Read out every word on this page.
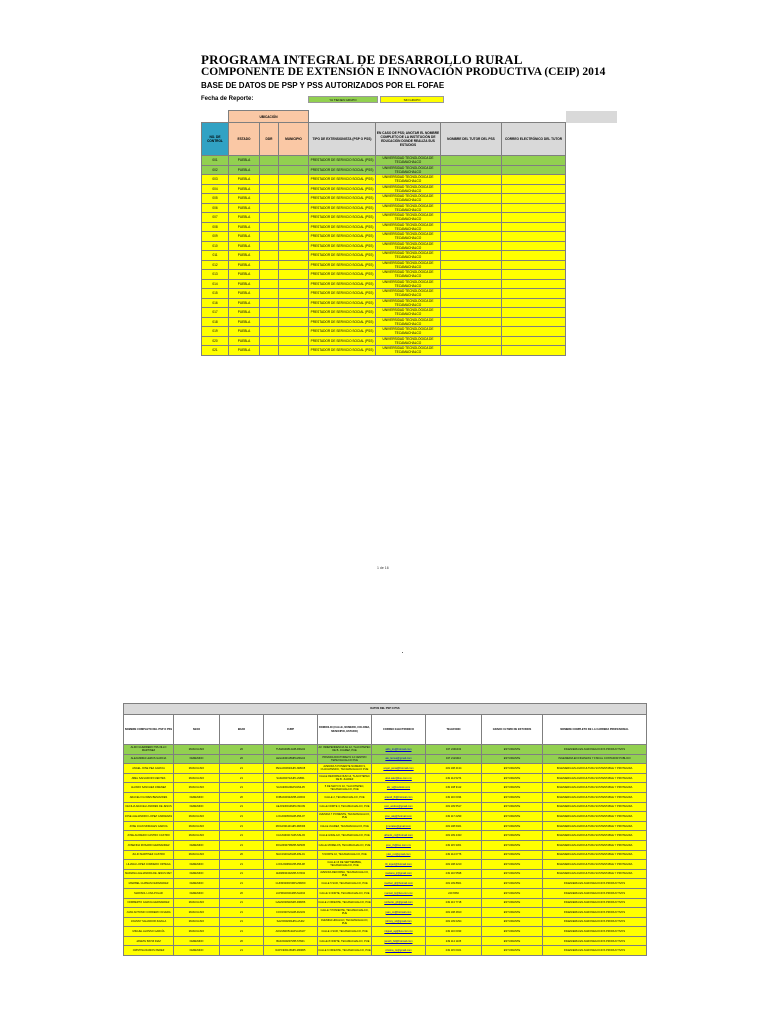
PROGRAMA INTEGRAL DE DESARROLLO RURAL
COMPONENTE DE EXTENSIÓN E INNOVACIÓN PRODUCTIVA (CEIP) 2014
BASE DE DATOS DE PSP Y PSS AUTORIZADOS POR EL FOFAE
Fecha de Reporte:	YA TIENEN GRUPO	SIN GRUPO
	UBICACIÓN							
NO. DE CONTROL	ESTADO	DDR	MUNICIPIO	TIPO DE EXTENSIONISTA (PSP O PSS)	EN CASO DE PSS; ANOTAR EL NOMBRE COMPLETO DE LA INSTITUCIÓN DE EDUCACIÓN DONDE REALIZA SUS ESTUDIOS	NOMBRE DEL TUTOR DEL PSS	CORREO ELECTRÓNICO DEL TUTOR	
001	PUEBLA			PRESTADOR DE SERVICIO SOCIAL (PSS)	UNIVERSIDAD TECNOLÓGICA DE TECAMACHALCO			
002	PUEBLA			PRESTADOR DE SERVICIO SOCIAL (PSS)	UNIVERSIDAD TECNOLÓGICA DE TECAMACHALCO			
003	PUEBLA			PRESTADOR DE SERVICIO SOCIAL (PSS)	UNIVERSIDAD TECNOLÓGICA DE TECAMACHALCO			
004	PUEBLA			PRESTADOR DE SERVICIO SOCIAL (PSS)	UNIVERSIDAD TECNOLÓGICA DE TECAMACHALCO			
005	PUEBLA			PRESTADOR DE SERVICIO SOCIAL (PSS)	UNIVERSIDAD TECNOLÓGICA DE TECAMACHALCO			
006	PUEBLA			PRESTADOR DE SERVICIO SOCIAL (PSS)	UNIVERSIDAD TECNOLÓGICA DE TECAMACHALCO			
007	PUEBLA			PRESTADOR DE SERVICIO SOCIAL (PSS)	UNIVERSIDAD TECNOLÓGICA DE TECAMACHALCO			
008	PUEBLA			PRESTADOR DE SERVICIO SOCIAL (PSS)	UNIVERSIDAD TECNOLÓGICA DE TECAMACHALCO			
009	PUEBLA			PRESTADOR DE SERVICIO SOCIAL (PSS)	UNIVERSIDAD TECNOLÓGICA DE TECAMACHALCO			
010	PUEBLA			PRESTADOR DE SERVICIO SOCIAL (PSS)	UNIVERSIDAD TECNOLÓGICA DE TECAMACHALCO			
011	PUEBLA			PRESTADOR DE SERVICIO SOCIAL (PSS)	UNIVERSIDAD TECNOLÓGICA DE TECAMACHALCO			
012	PUEBLA			PRESTADOR DE SERVICIO SOCIAL (PSS)	UNIVERSIDAD TECNOLÓGICA DE TECAMACHALCO			
013	PUEBLA			PRESTADOR DE SERVICIO SOCIAL (PSS)	UNIVERSIDAD TECNOLÓGICA DE TECAMACHALCO			
014	PUEBLA			PRESTADOR DE SERVICIO SOCIAL (PSS)	UNIVERSIDAD TECNOLÓGICA DE TECAMACHALCO			
015	PUEBLA			PRESTADOR DE SERVICIO SOCIAL (PSS)	UNIVERSIDAD TECNOLÓGICA DE TECAMACHALCO			
016	PUEBLA			PRESTADOR DE SERVICIO SOCIAL (PSS)	UNIVERSIDAD TECNOLÓGICA DE TECAMACHALCO			
017	PUEBLA			PRESTADOR DE SERVICIO SOCIAL (PSS)	UNIVERSIDAD TECNOLÓGICA DE TECAMACHALCO			
018	PUEBLA			PRESTADOR DE SERVICIO SOCIAL (PSS)	UNIVERSIDAD TECNOLÓGICA DE TECAMACHALCO			
019	PUEBLA			PRESTADOR DE SERVICIO SOCIAL (PSS)	UNIVERSIDAD TECNOLÓGICA DE TECAMACHALCO			
020	PUEBLA			PRESTADOR DE SERVICIO SOCIAL (PSS)	UNIVERSIDAD TECNOLÓGICA DE TECAMACHALCO			
021	PUEBLA			PRESTADOR DE SERVICIO SOCIAL (PSS)	UNIVERSIDAD TECNOLÓGICA DE TECAMACHALCO			
1 de 16
DATOS DEL PSP O PSS								
NOMBRE COMPLETO DEL PSP O PSS	SEXO	EDAD	CURP	DOMICILIO (CALLE, NUMERO, COLONIA, MUNICIPIO, ESTADO)	CORREO ELECTRONICO	TELEFONO	GRADO ULTIMO DE ESTUDIOS	NOMBRE COMPLETO DE LA CARRERA PROFESIONAL
ALDO GUERRERO TRUJILLO MARTINEZ	MASCULINO	20	TUMA940814HPLRRL02	AV. INDEPENDENCIA No 12, TLACOTEPEC DE B. JUAREZ, PUE	aldo_tru@hotmail.com	047 2491043	ESTUDIANTE	INGENIERIA EN AGRONEGOCIOS PRODUCTIVOS
ALEJANDRA LEMUS GARCIA	FEMENINO	20	LEGA940115MPLMRL04	PRIVADA DOCTOREZ N 12 CENTRO TEPEYAHUALCO PUE	ale_lemus@gmail.com	047 2123410	ESTUDIANTE	INGENIERIA EN FINANZAS Y FISCAL CONTADOR PUBLICO
ANGEL JOSE PEA GARCIA	MASCULINO	21	PEGA930620HPLNRN08	AVENIDA 5 PONIENTE NUMERO 9, CUAUHTEMOC, TECAMACHALCO PUE	angel_pena@hotmail.com	249 108 4134	ESTUDIANTE	INGENIERIA EN AGRICULTURA SUSTENTABLE Y PROTEGIDA
ABEL SALVADOR FUENTES	MASCULINO	21	SAFA930712HPLLNB01	CALLE REFORMA NUM 14, TLACOTEPEC DE B. JUAREZ	abel.salv@live.com.mx	249 114 5274	ESTUDIANTE	INGENIERIA EN AGRICULTURA SUSTENTABLE Y PROTEGIDA
ALVARO SANCHEZ JIMENEZ	MASCULINO	21	SAJA930429HPLNML05	5 DE MAYO N 10, TLACOTEPEC, TECAMACHALCO, PUE	alv_sj@outlook.com	249 108 9112	ESTUDIANTE	INGENIERIA EN AGRICULTURA SUSTENTABLE Y PROTEGIDA
ARACELI FLORES BENAVIDES	FEMENINO	20	FOBA940322MPLLNR02	CALLE 2, TECAMACHALCO, PUE	araceli_fb@hotmail.com	249 116 0034	ESTUDIANTE	INGENIERIA EN AGRICULTURA SUSTENTABLE Y PROTEGIDA
CECILIA ARACELI ANDRES DE JESUS	FEMENINO	21	AEJC930914MPLNSC09	CALLE NORTE 3, TECAMACHALCO, PUE	ceci_andres@gmail.com	249 109 5517	ESTUDIANTE	INGENIERIA EN AGRICULTURA SUSTENTABLE Y PROTEGIDA
JOSE ALEJANDRO LOPEZ CARDENAS	MASCULINO	21	LOCA930503HPLPRL07	AVENIDA 7 PONIENTE, TECAMACHALCO, PUE	jose_alej@hotmail.com	249 117 2290	ESTUDIANTE	INGENIERIA EN AGRICULTURA SUSTENTABLE Y PROTEGIDA
JOSE JUAN MORALES GARCIA	MASCULINO	21	MOGJ931101HPLRRN06	CALLE JUAREZ, TECAMACHALCO, PUE	jjmorales@gmail.com	249 108 6021	ESTUDIANTE	INGENIERIA EN AGRICULTURA SUSTENTABLE Y PROTEGIDA
JOSE ALFREDO CASTRO CASTRO	MASCULINO	21	CACA930217HPLSSL03	CALLE HIDALGO, TECAMACHALCO, PUE	alfredo_cc@hotmail.com	249 109 4433	ESTUDIANTE	INGENIERIA EN AGRICULTURA SUSTENTABLE Y PROTEGIDA
JOSEFINA ROSARIO HERNANDEZ	FEMENINO	21	ROHJ930708MPLSRS05	CALLE MORELOS, TECAMACHALCO, PUE	jose_rh@live.com.mx	249 115 3301	ESTUDIANTE	INGENIERIA EN AGRICULTURA SUSTENTABLE Y PROTEGIDA
JULIO MARTINEZ CASTRO	MASCULINO	20	MACJ940126HPLRSL01	5 NORTE 10, TECAMACHALCO, PUE	julio_mc@gmail.com	249 114 0776	ESTUDIANTE	INGENIERIA EN AGRICULTURA SUSTENTABLE Y PROTEGIDA
LILIANA LOPEZ CORDERO ORTEGA	FEMENINO	21	LOOL930811MPLPRL08	CALLE 16 DE SEPTIEMBRE, TECAMACHALCO, PUE	lili_lopez@hotmail.com	249 108 2210	ESTUDIANTE	INGENIERIA EN AGRICULTURA SUSTENTABLE Y PROTEGIDA
MARIANA ALEJANDRA DE JESUS REY	FEMENINO	21	JERM930402MPLSYR02	AVENIDA REFORMA, TECAMACHALCO, PUE	mariana_jr@gmail.com	249 116 5598	ESTUDIANTE	INGENIERIA EN AGRICULTURA SUSTENTABLE Y PROTEGIDA
MARIBEL GUZMAN FERNANDEZ	FEMENINO	21	GUFM930615MPLZRR09	CALLE 5 SUR, TECAMACHALCO, PUE	maribel_gf@hotmail.com	249 109 8821	ESTUDIANTE	INGENIERIA EN AGRONEGOCIOS PRODUCTIVOS
MARISOL LUNA POLAR	FEMENINO	20	LUPM940301MPLNLR04	CALLE 3 NORTE, TECAMACHALCO, PUE	marisol_lp@live.com.mx	249 6560	ESTUDIANTE	INGENIERIA EN AGRONEGOCIOS PRODUCTIVOS
NORBERTO GARCIA HERNANDEZ	MASCULINO	21	GAHN930918HPLRRR06	CALLE 2 ORIENTE, TECAMACHALCO, PUE	norberto_gh@gmail.com	249 113 7718	ESTUDIANTE	INGENIERIA EN AGRONEGOCIOS PRODUCTIVOS
JUAN ANTONIO CORDERO OLVERA	MASCULINO	21	COOJ930724HPLRLN03	CALLE 7 PONIENTE, TECAMACHALCO, PUE	juan_co@hotmail.com	249 108 4810	ESTUDIANTE	INGENIERIA EN AGRONEGOCIOS PRODUCTIVOS
JOHNNY SALVADOR ZAVALA	MASCULINO	21	SAZJ930209HPLLVH02	AVENIDA HIDALGO, TECAMACHALCO, PUE	johnny_sz@gmail.com	249 109 0294	ESTUDIANTE	INGENIERIA EN AGRONEGOCIOS PRODUCTIVOS
MIGUEL ALONSO GARCÍA	MASCULINO	21	AOGM930512HPLLRG07	CALLE 4 SUR, TECAMACHALCO, PUE	miguel_ag@live.com.mx	249 116 0033	ESTUDIANTE	INGENIERIA EN AGRONEGOCIOS PRODUCTIVOS
JANETH BATIZ DIAZ	FEMENINO	20	BADJ940207MPLTZN01	CALLE 8 NORTE, TECAMACHALCO, PUE	janeth_bd@hotmail.com	249 114 1105	ESTUDIANTE	INGENIERIA EN AGRONEGOCIOS PRODUCTIVOS
CRISTINA RAMOS PEREZ	FEMENINO	21	RAPC930126MPLMRR05	CALLE 6 ORIENTE, TECAMACHALCO, PUE	cristina_rp@gmail.com	249 115 0021	ESTUDIANTE	INGENIERIA EN AGRONEGOCIOS PRODUCTIVOS
